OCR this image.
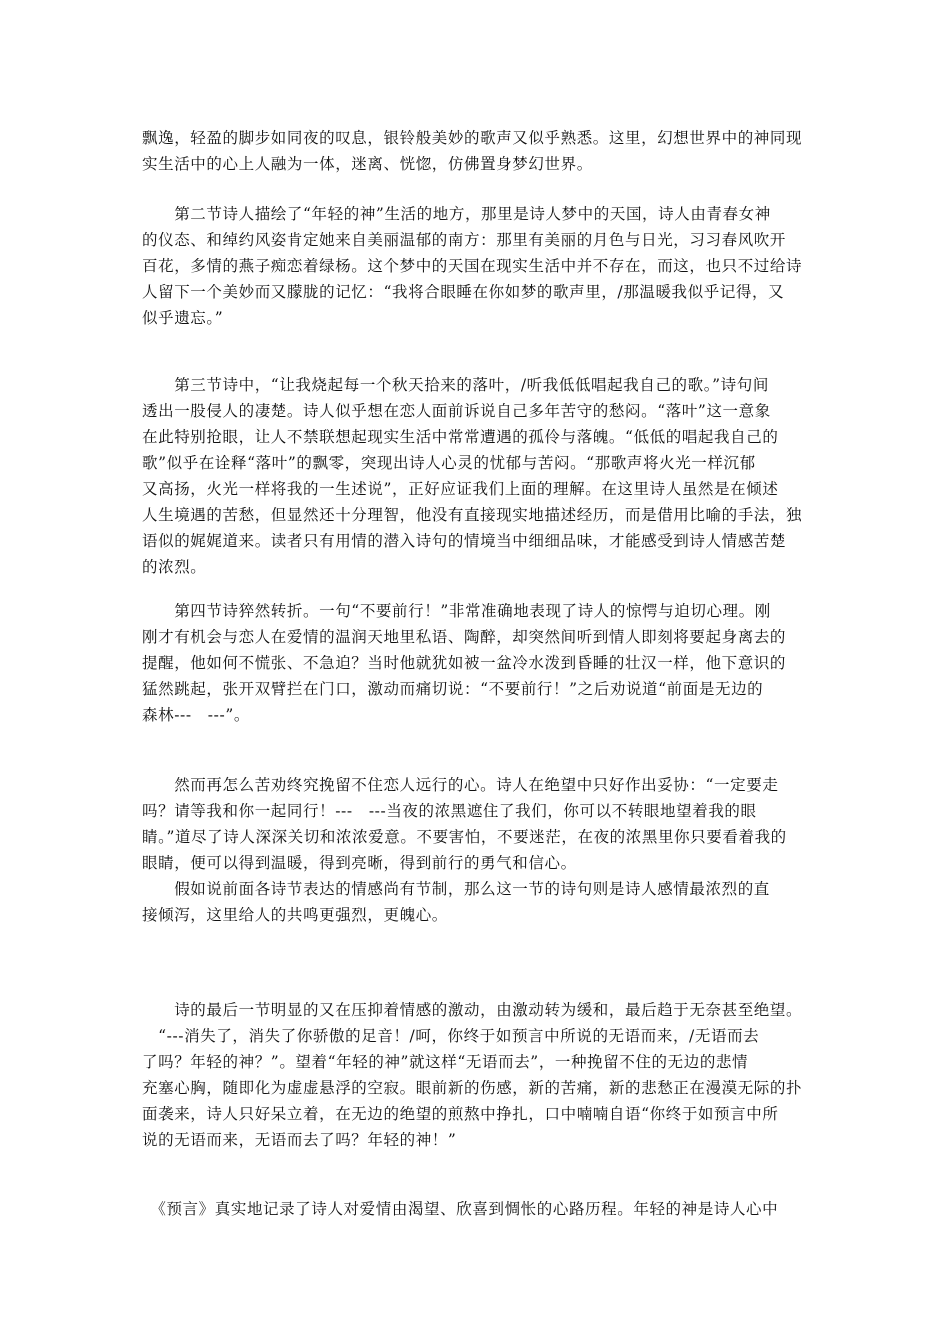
飘逸，轻盈的脚步如同夜的叹息，银铃般美妙的歌声又似乎熟悉。这里，幻想世界中的神同现
实生活中的心上人融为一体，迷离、恍惚，仿佛置身梦幻世界。
　　第二节诗人描绘了“年轻的神”生活的地方，那里是诗人梦中的天国，诗人由青春女神
的仪态、和绰约风姿肯定她来自美丽温郁的南方：那里有美丽的月色与日光，习习春风吹开
百花，多情的燕子痴恋着绿杨。这个梦中的天国在现实生活中并不存在，而这，也只不过给诗
人留下一个美妙而又朦胧的记忆：“我将合眼睡在你如梦的歌声里，/那温暖我似乎记得，又
似乎遗忘。”
　　第三节诗中，“让我烧起每一个秋天拾来的落叶，/听我低低唱起我自己的歌。”诗句间
透出一股侵人的凄楚。诗人似乎想在恋人面前诉说自己多年苦守的愁闷。“落叶”这一意象
在此特别抢眼，让人不禁联想起现实生活中常常遭遇的孤伶与落魄。“低低的唱起我自己的
歌”似乎在诠释“落叶”的飘零，突现出诗人心灵的忧郁与苦闷。“那歌声将火光一样沉郁
又高扬，火光一样将我的一生述说”，正好应证我们上面的理解。在这里诗人虽然是在倾述
人生境遇的苦愁，但显然还十分理智，他没有直接现实地描述经历，而是借用比喻的手法，独
语似的娓娓道来。读者只有用情的潜入诗句的情境当中细细品味，才能感受到诗人情感苦楚
的浓烈。
　　第四节诗猝然转折。一句“不要前行！”非常准确地表现了诗人的惊愕与迫切心理。刚
刚才有机会与恋人在爱情的温润天地里私语、陶醉，却突然间听到情人即刻将要起身离去的
提醒，他如何不慌张、不急迫？当时他就犹如被一盆冷水泼到昏睡的壮汉一样，他下意识的
猛然跳起，张开双臂拦在门口，激动而痛切说：“不要前行！”之后劝说道“前面是无边的
森林---　---”。
　　然而再怎么苦劝终究挽留不住恋人远行的心。诗人在绝望中只好作出妥协：“一定要走
吗？请等我和你一起同行！---　---当夜的浓黑遮住了我们，你可以不转眼地望着我的眼
睛。”道尽了诗人深深关切和浓浓爱意。不要害怕，不要迷茫，在夜的浓黑里你只要看着我的
眼睛，便可以得到温暖，得到亮晰，得到前行的勇气和信心。
　　假如说前面各诗节表达的情感尚有节制，那么这一节的诗句则是诗人感情最浓烈的直
接倾泻，这里给人的共鸣更强烈，更魄心。
　　诗的最后一节明显的又在压抑着情感的激动，由激动转为缓和，最后趋于无奈甚至绝望。
　“---消失了，消失了你骄傲的足音！/呵，你终于如预言中所说的无语而来，/无语而去
了吗？年轻的神？”。望着“年轻的神”就这样“无语而去”，一种挽留不住的无边的悲情
充塞心胸，随即化为虚虚悬浮的空寂。眼前新的伤感，新的苦痛，新的悲愁正在漫漠无际的扑
面袭来，诗人只好呆立着，在无边的绝望的煎熬中挣扎，口中喃喃自语“你终于如预言中所
说的无语而来，无语而去了吗？年轻的神！”
　《预言》真实地记录了诗人对爱情由渴望、欣喜到惆怅的心路历程。年轻的神是诗人心中
